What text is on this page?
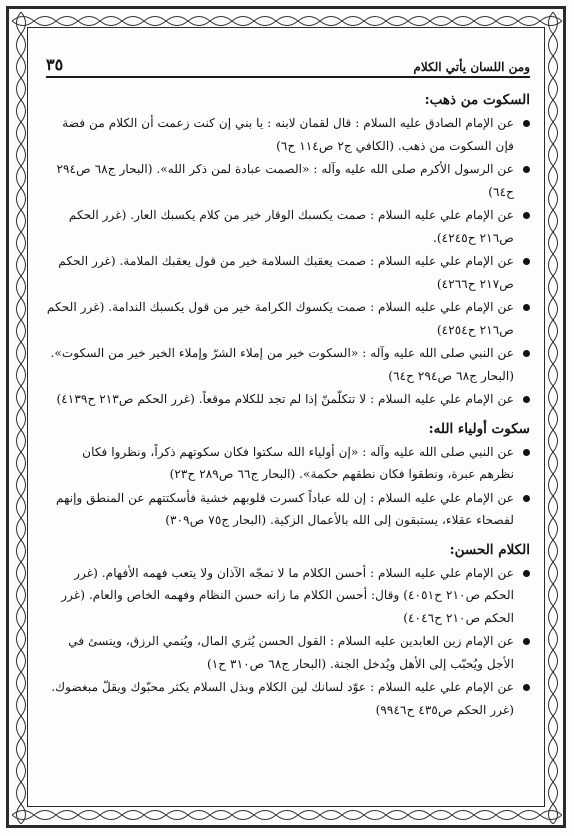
ومن اللسان يأتي الكلام
٣٥
السكوت من ذهب:
عن الإمام الصادق عليه السلام : قال لقمان لابنه : يا بني إن كنت زعمت أن الكلام من فضة فإن السكوت من ذهب. (الكافي ج٢ ص١١٤ ح٦)
عن الرسول الأكرم صلى الله عليه وآله : «الصمت عبادة لمن ذكر الله». (البحار ج٦٨ ص٢٩٤ ح٦٤)
عن الإمام علي عليه السلام : صمت يكسبك الوقار خير من كلام يكسبك العار. (غرر الحكم ص٢١٦ ح٤٢٤٥).
عن الإمام علي عليه السلام : صمت يعقبك السلامة خير من قول يعقبك الملامة. (غرر الحكم ص٢١٧ ح٤٢٦٦)
عن الإمام علي عليه السلام : صمت يكسوك الكرامة خير من قول يكسبك الندامة. (غرر الحكم ص٢١٦ ح٤٢٥٤)
عن النبي صلى الله عليه وآله : «السكوت خير من إملاء الشرّ وإملاء الخير خير من السكوت». (البحار ج٦٨ ص٢٩٤ ح٦٤)
عن الإمام علي عليه السلام : لا تتكلّمنّ إذا لم تجد للكلام موقعاً. (غرر الحكم ص٢١٣ ح٤١٣٩)
سكوت أولياء الله:
عن النبي صلى الله عليه وآله : «إن أولياء الله سكتوا فكان سكوتهم ذكراً، ونظروا فكان نظرهم عبرة، ونطقوا فكان نطقهم حكمة». (البحار ج٦٦ ص٢٨٩ ح٢٣)
عن الإمام علي عليه السلام : إن لله عباداً كسرت قلوبهم خشية فأسكتتهم عن المنطق وإنهم لفصحاء عقلاء، يستبقون إلى الله بالأعمال الزكية. (البحار ج٧٥ ص٣٠٩)
الكلام الحسن:
عن الإمام علي عليه السلام : أحسن الكلام ما لا تمجّه الآذان ولا يتعب فهمه الأفهام. (غرر الحكم ص٢١٠ ح٤٠٥١) وقال: أحسن الكلام ما زانه حسن النظام وفهمه الخاص والعام. (غرر الحكم ص٢١٠ ح٤٠٤٦)
عن الإمام زين العابدين عليه السلام : القول الحسن يُثري المال، ويُنمي الرزق، وينسئ في الأجل ويُحبّب إلى الأهل ويُدخل الجنة. (البحار ج٦٨ ص٣١٠ ح١)
عن الإمام علي عليه السلام : عوّد لسانك لين الكلام وبذل السلام يكثر محبّوك ويقلّ مبغضوك. (غرر الحكم ص٤٣٥ ح٩٩٤٦)
